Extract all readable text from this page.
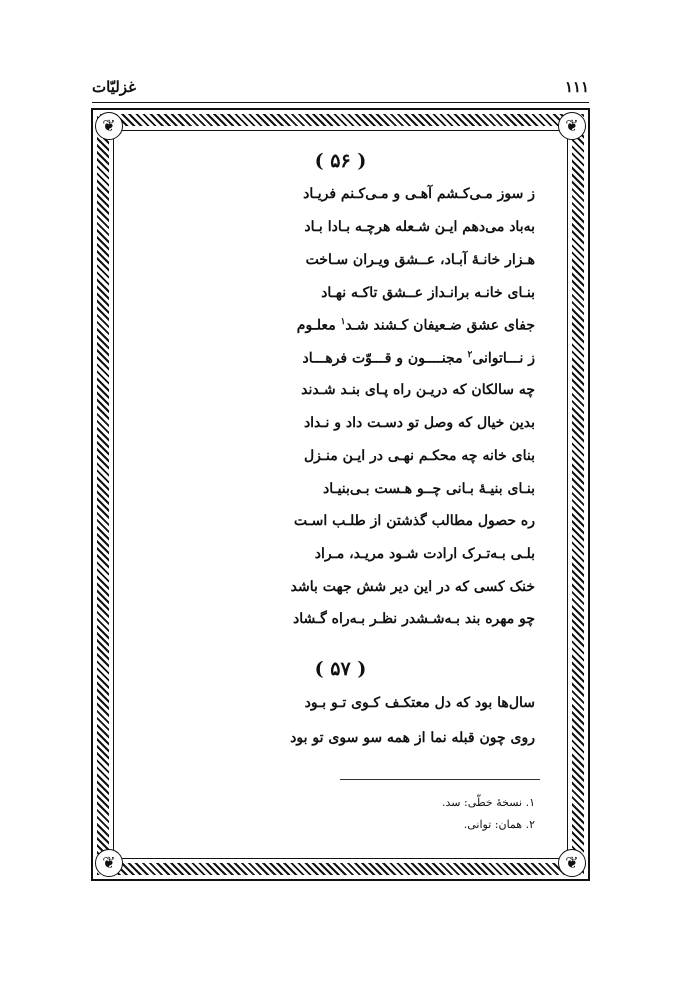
۱۱۱
غزلیّات
❦	❦
❦	❦
( ۵۶ )
ز سوز مـی‌کـشم آهـی و مـی‌کـنم فریـاد
به‌باد می‌دهم ایـن شـعله هرچـه بـادا بـاد
هـزار خانـهٔ آبـاد، عــشق ویـران سـاخت
بنـای خانـه برانـداز عــشق تاکـه نهـاد
جفای عشق ضـعیفان کـشند شـد$^۱$ معلـوم
ز نـــاتوانی$^۲$ مجنــــون و قـــوّت فرهـــاد
چه سالکان که دریـن راه پـای بنـد شـدند
بدین خیال که وصل تو دسـت داد و نـداد
بنای خانه چه محکـم نهـی در ایـن منـزل
بنـای بنیـهٔ بـانی چــو هـست بـی‌بنیـاد
ره حصول مطالب گذشتن از طلـب اسـت
بلـی بـه‌تـرک ارادت شـود مریـد، مـراد
خنک کسی که در این دیر شش جهت باشد
چو مهره بند بـه‌شـشدر نظـر بـه‌راه گـشاد
( ۵۷ )
سال‌ها بود که دل معتکـف کـوی تـو بـود
روی چون قبله نما از همه سو سوی تو بود
۱. نسخهٔ خطّی: سد.
۲. همان: توانی.
